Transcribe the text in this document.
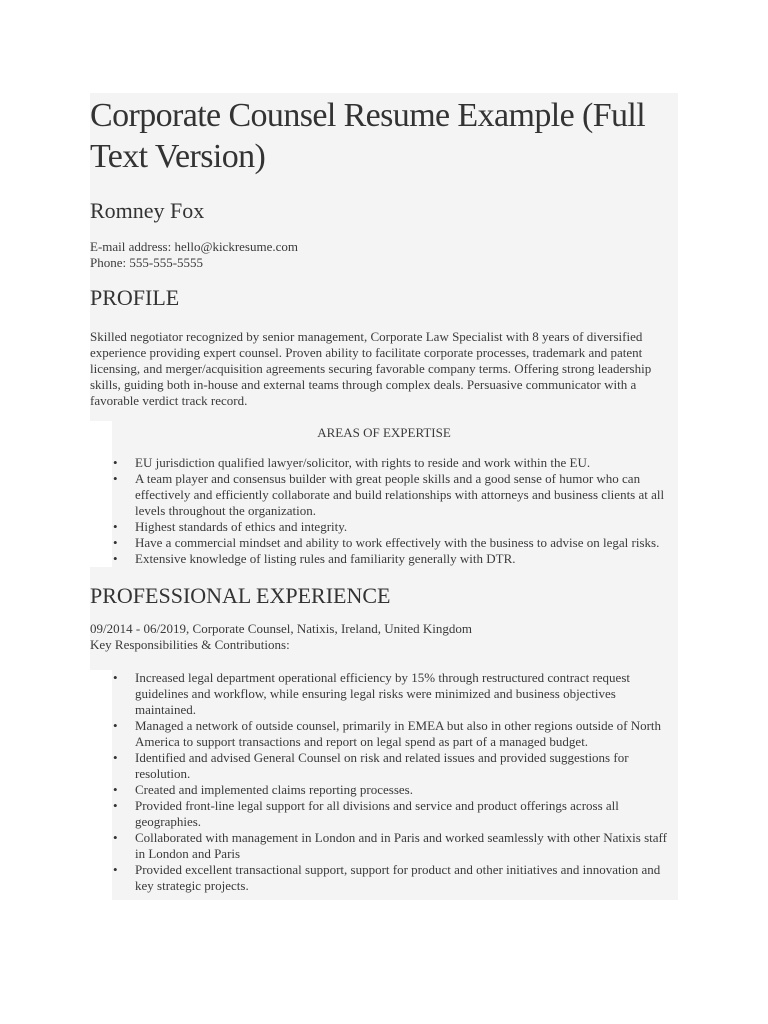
Corporate Counsel Resume Example (Full Text Version)
Romney Fox
E-mail address: hello@kickresume.com
Phone: 555-555-5555
PROFILE
Skilled negotiator recognized by senior management, Corporate Law Specialist with 8 years of diversified experience providing expert counsel. Proven ability to facilitate corporate processes, trademark and patent licensing, and merger/acquisition agreements securing favorable company terms. Offering strong leadership skills, guiding both in-house and external teams through complex deals. Persuasive communicator with a favorable verdict track record.
AREAS OF EXPERTISE
• EU jurisdiction qualified lawyer/solicitor, with rights to reside and work within the EU.
• A team player and consensus builder with great people skills and a good sense of humor who can effectively and efficiently collaborate and build relationships with attorneys and business clients at all levels throughout the organization.
• Highest standards of ethics and integrity.
• Have a commercial mindset and ability to work effectively with the business to advise on legal risks.
• Extensive knowledge of listing rules and familiarity generally with DTR.
PROFESSIONAL EXPERIENCE
09/2014 - 06/2019, Corporate Counsel, Natixis, Ireland, United Kingdom
Key Responsibilities & Contributions:
• Increased legal department operational efficiency by 15% through restructured contract request guidelines and workflow, while ensuring legal risks were minimized and business objectives maintained.
• Managed a network of outside counsel, primarily in EMEA but also in other regions outside of North America to support transactions and report on legal spend as part of a managed budget.
• Identified and advised General Counsel on risk and related issues and provided suggestions for resolution.
• Created and implemented claims reporting processes.
• Provided front-line legal support for all divisions and service and product offerings across all geographies.
• Collaborated with management in London and in Paris and worked seamlessly with other Natixis staff in London and Paris
• Provided excellent transactional support, support for product and other initiatives and innovation and key strategic projects.
